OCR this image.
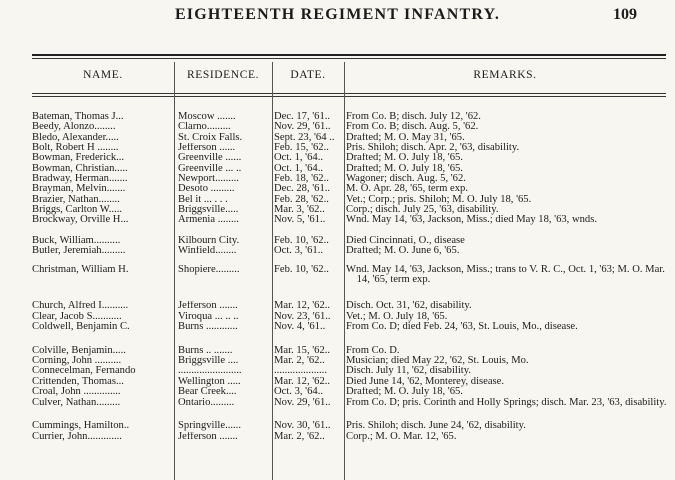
EIGHTEENTH REGIMENT INFANTRY.	109
NAME.	RESIDENCE.	DATE.	REMARKS.
Bateman, Thomas J...	Moscow .......	Dec. 17, '61..	From Co. B; disch. July 12, '62.
Beedy, Alonzo........	Clarno.........	Nov. 29, '61..	From Co. B; disch. Aug. 5, '62.
Bledo, Alexander.....	St. Croix Falls.	Sept. 23, '64 ..	Drafted; M. O. May 31, '65.
Bolt, Robert H ........	Jefferson ......	Feb. 15, '62..	Pris. Shiloh; disch. Apr. 2, '63, disability.
Bowman, Frederick...	Greenville ......	Oct. 1, '64..	Drafted; M. O. July 18, '65.
Bowman, Christian.....	Greenville ... ..	Oct. 1, '64..	Drafted; M. O. July 18, '65.
Bradway, Herman.......	Newport.........	Feb. 18, '62..	Wagoner; disch. Aug. 5, '62.
Brayman, Melvin.......	Desoto .........	Dec. 28, '61..	M. O. Apr. 28, '65, term exp.
Brazier, Nathan........	Bel it ... . . .	Feb. 28, '62..	Vet.; Corp.; pris. Shiloh; M. O. July 18, '65.
Briggs, Carlton W.....	Briggsville.....	Mar. 3, '62..	Corp.; disch. July 25, '63, disability.
Brockway, Orville H...	Armenia ........	Nov. 5, '61..	Wnd. May 14, '63, Jackson, Miss.; died May 18, '63, wnds.
Buck, William..........	Kilbourn City.	Feb. 10, '62..	Died Cincinnati, O., disease
Butler, Jeremiah.........	Winfield........	Oct. 3, '61..	Drafted; M. O. June 6, '65.
Christman, William H.	Shopiere.........	Feb. 10, '62..	Wnd. May 14, '63, Jackson, Miss.; trans to V. R. C., Oct. 1, '63; M. O. Mar. 14, '65, term exp.
Church, Alfred I..........	Jefferson .......	Mar. 12, '62..	Disch. Oct. 31, '62, disability.
Clear, Jacob S...........	Viroqua ... .. ..	Nov. 23, '61..	Vet.; M. O. July 18, '65.
Coldwell, Benjamin C.	Burns ............	Nov. 4, '61..	From Co. D; died Feb. 24, '63, St. Louis, Mo., disease.
Colville, Benjamin.....	Burns .. .......	Mar. 15, '62..	From Co. D.
Corning, John ..........	Briggsville ....	Mar. 2, '62..	Musician; died May 22, '62, St. Louis, Mo.
Connecelman, Fernando	........................	....................	Disch. July 11, '62, disability.
Crittenden, Thomas...	Wellington .....	Mar. 12, '62..	Died June 14, '62, Monterey, disease.
Croal, John ..............	Bear Creek....	Oct. 3, '64..	Drafted; M. O. July 18, '65.
Culver, Nathan.........	Ontario.........	Nov. 29, '61..	From Co. D; pris. Corinth and Holly Springs; disch. Mar. 23, '63, disability.
Cummings, Hamilton..	Springville......	Nov. 30, '61..	Pris. Shiloh; disch. June 24, '62, disability.
Currier, John.............	Jefferson .......	Mar. 2, '62..	Corp.; M. O. Mar. 12, '65.
